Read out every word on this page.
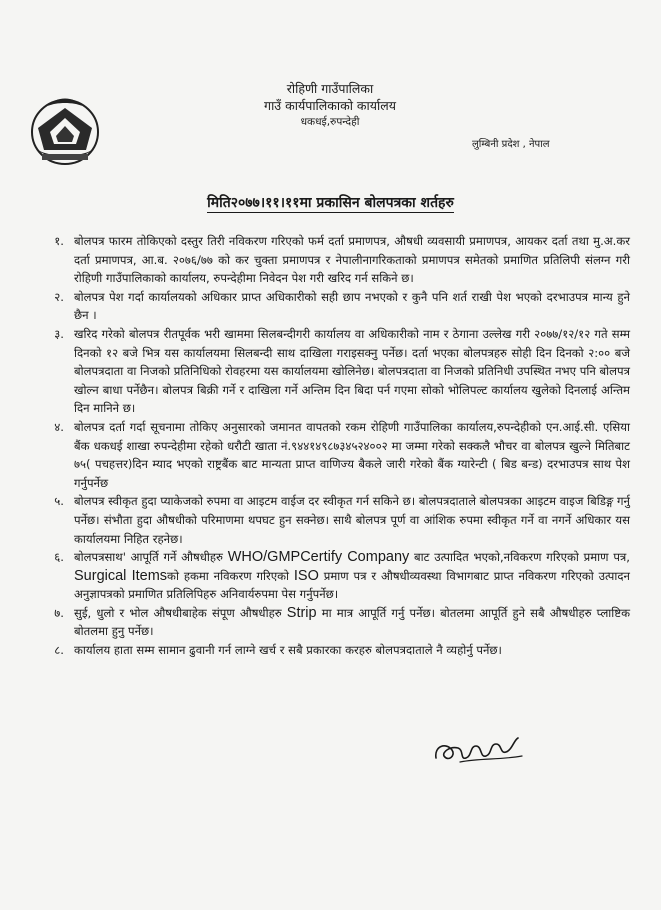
रोहिणी गाउँपालिका
गाउँ कार्यपालिकाको कार्यालय
धकधई,रुपन्देही
लुम्बिनी प्रदेश , नेपाल
मिति२०७७।११।११मा प्रकासिन बोलपत्रका शर्तहरु
१. बोलपत्र फारम तोकिएको दस्तुर तिरी नविकरण गरिएको फर्म दर्ता प्रमाणपत्र, औषधी व्यवसायी प्रमाणपत्र, आयकर दर्ता तथा मु.अ.कर दर्ता प्रमाणपत्र, आ.ब. २०७६/७७ को कर चुक्ता प्रमाणपत्र र नेपालीनागरिकताको प्रमाणपत्र समेतको प्रमाणित प्रतिलिपी संलग्न गरी रोहिणी गाउँपालिकाको कार्यालय, रुपन्देहीमा निवेदन पेश गरी खरिद गर्न सकिने छ।
२. बोलपत्र पेश गर्दा कार्यालयको अधिकार प्राप्त अधिकारीको सही छाप नभएको र कुनै पनि शर्त राखी पेश भएको दरभाउपत्र मान्य हुने छैन ।
३. खरिद गरेको बोलपत्र रीतपूर्वक भरी खाममा सिलबन्दीगरी कार्यालय वा अधिकारीको नाम र ठेगाना उल्लेख गरी २०७७/१२/१२ गते सम्म दिनको १२ बजे भित्र यस कार्यालयमा सिलबन्दी साथ दाखिला गराइसक्नु पर्नेछ। दर्ता भएका बोलपत्रहरु सोही दिन दिनको २:०० बजे बोलपत्रदाता वा निजको प्रतिनिधिको रोवहरमा यस कार्यालयमा खोलिनेछ। बोलपत्रदाता वा निजको प्रतिनिधी उपस्थित नभए पनि बोलपत्र खोल्न बाधा पर्नेछैन। बोलपत्र बिक्री गर्ने र दाखिला गर्ने अन्तिम दिन बिदा पर्न गएमा सोको भोलिपल्ट कार्यालय खुलेको दिनलाई अन्तिम दिन मानिने छ।
४. बोलपत्र दर्ता गर्दा सूचनामा तोकिए अनुसारको जमानत वापतको रकम रोहिणी गाउँपालिका कार्यालय,रुपन्देहीको एन.आई.सी. एसिया बैंक धकधई शाखा रुपन्देहीमा रहेको धरौटी खाता नं.९४४१४९८७३४५२४००२ मा जम्मा गरेको सक्कलै भौचर वा बोलपत्र खुल्ने मितिबाट ७५( पचहत्तर)दिन म्याद भएको राष्ट्रबैंक बाट मान्यता प्राप्त वाणिज्य बैकले जारी गरेको बैंक ग्यारेन्टी ( बिड बन्ड) दरभाउपत्र साथ पेश गर्नुपर्नेछ
५. बोलपत्र स्वीकृत हुदा प्याकेजको रुपमा वा आइटम वाईज दर स्वीकृत गर्न सकिने छ। बोलपत्रदाताले बोलपत्रका आइटम वाइज बिडिङ्ग गर्नु पर्नेछ। संभौता हुदा औषधीको परिमाणमा थपघट हुन सक्नेछ। साथै बोलपत्र पूर्ण वा आंशिक रुपमा स्वीकृत गर्ने वा नगर्ने अधिकार यस कार्यालयमा निहित रहनेछ।
६. बोलपत्रसाथ' आपूर्ति गर्ने औषधीहरु WHO/GMPCertify Company बाट उत्पादित भएको,नविकरण गरिएको प्रमाण पत्र, Surgical Itemsको हकमा नविकरण गरिएको ISO प्रमाण पत्र र औषधीव्यवस्था विभागबाट प्राप्त नविकरण गरिएको उत्पादन अनुज्ञापत्रको प्रमाणित प्रतिलिपिहरु अनिवार्यरुपमा पेस गर्नुपर्नेछ।
७. सुई, धुलो र भोल औषधीबाहेक संपूण औषधीहरु Strip मा मात्र आपूर्ति गर्नु पर्नेछ। बोतलमा आपूर्ति हुने सबै औषधीहरु प्लाष्टिक बोतलमा हुनु पर्नेछ।
८. कार्यालय हाता सम्म सामान ढुवानी गर्न लाग्ने खर्च र सबै प्रकारका करहरु बोलपत्रदाताले नै व्यहोर्नु पर्नेछ।
